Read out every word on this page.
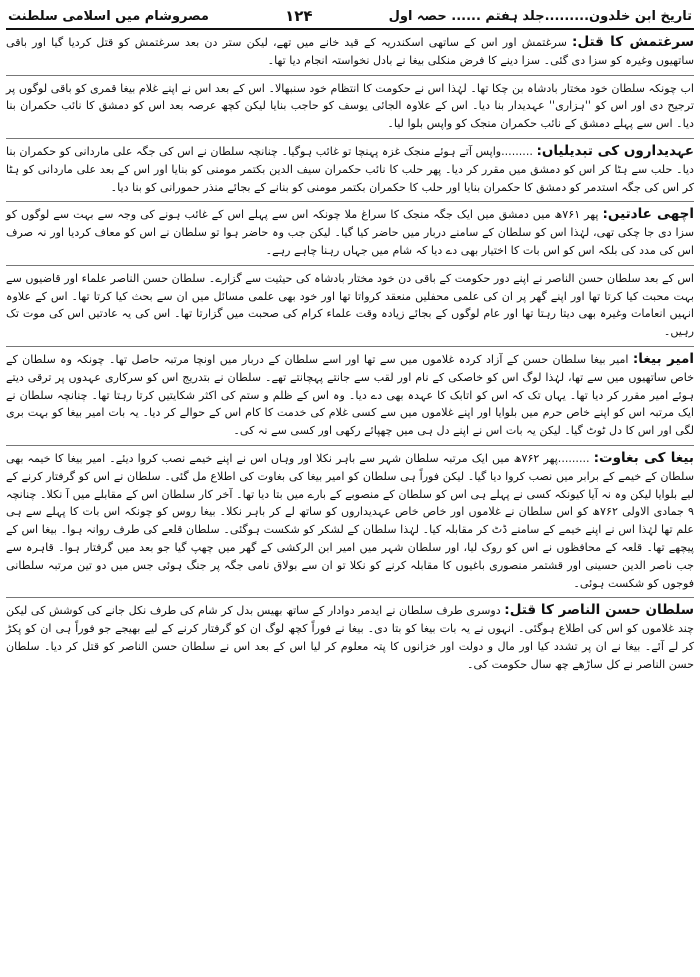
تاریخ ابن خلدون.........جلد ہفتم ...... حصہ اول
۱۲۴
مصروشام میں اسلامی سلطنت

سرغتمش کا قتل: سرغتمش اور اس کے ساتھی اسکندریہ کے قید خانے میں تھے، لیکن ستر دن بعد سرغتمش کو قتل کردیا گیا اور باقی ساتھیوں وغیرہ کو سزا دی گئی۔ سزا دینے کا فرض منکلی بیغا نے بادل نخواستہ انجام دیا تھا۔

اب چونکہ سلطان خود مختار بادشاہ بن چکا تھا۔ لہٰذا اس نے حکومت کا انتظام خود سنبھالا۔ اس کے بعد اس نے اپنے غلام بیغا قمری کو باقی لوگوں پر ترجیح دی اور اس کو ''ہزاری'' عہدیدار بنا دیا۔ اس کے علاوہ الجائی یوسف کو حاجب بنایا لیکن کچھ عرصہ بعد اس کو دمشق کا نائب حکمران بنا دیا۔ اس سے پہلے دمشق کے نائب حکمران منجک کو واپس بلوا لیا۔

عہدیداروں کی تبدیلیاں: .........واپس آتے ہوئے منجک غزہ پہنچا تو غائب ہوگیا۔ چنانچہ سلطان نے اس کی جگہ علی ماردانی کو حکمران بنا دیا۔ حلب سے ہٹا کر اس کو دمشق میں مقرر کر دیا۔ پھر حلب کا نائب حکمران سیف الدین بکتمر مومنی کو بنایا اور اس کے بعد علی ماردانی کو ہٹا کر اس کی جگہ استدمر کو دمشق کا حکمران بنایا اور حلب کا حکمران بکتمر مومنی کو بنانے کے بجائے منذر حمورانی کو بنا دیا۔

اچھی عادتیں: پھر ۷۶۱ھ میں دمشق میں ایک جگہ منجک کا سراغ ملا چونکہ اس سے پہلے اس کے غائب ہونے کی وجہ سے بہت سے لوگوں کو سزا دی جا چکی تھی، لہٰذا اس کو سلطان کے سامنے دربار میں حاضر کیا گیا۔ لیکن جب وہ حاضر ہوا تو سلطان نے اس کو معاف کردیا اور نہ صرف اس کی مدد کی بلکہ اس کو اس بات کا اختیار بھی دے دیا کہ شام میں جہاں رہنا چاہے رہے۔

اس کے بعد سلطان حسن الناصر نے اپنے دور حکومت کے باقی دن خود مختار بادشاہ کی حیثیت سے گزارے۔ سلطان حسن الناصر علماء اور قاضیوں سے بہت محبت کیا کرتا تھا اور اپنے گھر پر ان کی علمی محفلیں منعقد کرواتا تھا اور خود بھی علمی مسائل میں ان سے بحث کیا کرتا تھا۔ اس کے علاوہ انہیں انعامات وغیرہ بھی دیتا رہتا تھا اور عام لوگوں کے بجائے زیادہ وقت علماء کرام کی صحبت میں گزارتا تھا۔ اس کی یہ عادتیں اس کی موت تک رہیں۔

امیر بیغا: امیر بیغا سلطان حسن کے آزاد کردہ غلاموں میں سے تھا اور اسے سلطان کے دربار میں اونچا مرتبہ حاصل تھا۔ چونکہ وہ سلطان کے خاص ساتھیوں میں سے تھا، لہٰذا لوگ اس کو خاصکی کے نام اور لقب سے جانتے پہچانتے تھے۔ سلطان نے بتدریج اس کو سرکاری عہدوں پر ترقی دیتے ہوئے امیر مقرر کر دیا تھا۔ یہاں تک کہ اس کو اتابک کا عہدہ بھی دے دیا۔ وہ اس کے ظلم و ستم کی اکثر شکایتیں کرتا رہتا تھا۔ چنانچہ سلطان نے ایک مرتبہ اس کو اپنے خاص حرم میں بلوایا اور اپنے غلاموں میں سے کسی غلام کی خدمت کا کام اس کے حوالے کر دیا۔ یہ بات امیر بیغا کو بہت بری لگی اور اس کا دل ٹوٹ گیا۔ لیکن یہ بات اس نے اپنے دل ہی میں چھپائے رکھی اور کسی سے نہ کی۔

بیغا کی بغاوت: .........پھر ۷۶۲ھ میں ایک مرتبہ سلطان شہر سے باہر نکلا اور وہاں اس نے اپنے خیمے نصب کروا دیئے۔ امیر بیغا کا خیمہ بھی سلطان کے خیمے کے برابر میں نصب کروا دیا گیا۔ لیکن فوراً ہی سلطان کو امیر بیغا کی بغاوت کی اطلاع مل گئی۔ سلطان نے اس کو گرفتار کرنے کے لیے بلوایا لیکن وہ نہ آیا کیونکہ کسی نے پہلے ہی اس کو سلطان کے منصوبے کے بارے میں بتا دیا تھا۔ آخر کار سلطان اس کے مقابلے میں آ نکلا۔ چنانچہ ۹ جمادی الاولی ۷۶۲ھ کو اس سلطان نے غلاموں اور خاص خاص عہدیداروں کو ساتھ لے کر باہر نکلا۔ بیغا روس کو چونکہ اس بات کا پہلے سے ہی علم تھا لہٰذا اس نے اپنے خیمے کے سامنے ڈٹ کر مقابلہ کیا۔ لہٰذا سلطان کے لشکر کو شکست ہوگئی۔ سلطان قلعے کی طرف روانہ ہوا۔ بیغا اس کے پیچھے تھا۔ قلعہ کے محافظوں نے اس کو روک لیا، اور سلطان شہر میں امیر ابن الرکشی کے گھر میں چھپ گیا جو بعد میں گرفتار ہوا۔ قاہرہ سے جب ناصر الدین حسینی اور قشتمر منصوری باغیوں کا مقابلہ کرنے کو نکلا تو ان سے بولاق نامی جگہ پر جنگ ہوئی جس میں دو تین مرتبہ سلطانی فوجوں کو شکست ہوئی۔

سلطان حسن الناصر کا قتل: دوسری طرف سلطان نے ایدمر دوادار کے ساتھ بھیس بدل کر شام کی طرف نکل جانے کی کوشش کی لیکن چند غلاموں کو اس کی اطلاع ہوگئی۔ انہوں نے یہ بات بیغا کو بتا دی۔ بیغا نے فوراً کچھ لوگ ان کو گرفتار کرنے کے لیے بھیجے جو فوراً ہی ان کو پکڑ کر لے آئے۔ بیغا نے ان پر تشدد کیا اور مال و دولت اور خزانوں کا پتہ معلوم کر لیا اس کے بعد اس نے سلطان حسن الناصر کو قتل کر دیا۔ سلطان حسن الناصر نے کل ساڑھے چھ سال حکومت کی۔
